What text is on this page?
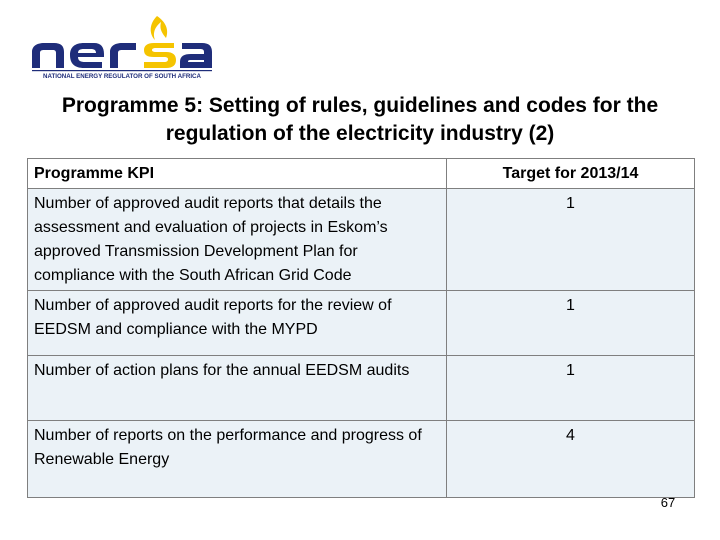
NATIONAL ENERGY REGULATOR OF SOUTH AFRICA
Programme 5: Setting of rules, guidelines and codes for the regulation of the electricity industry (2)
Programme KPI	Target for 2013/14
Number of approved audit reports that details the assessment and evaluation of projects in Eskom’s approved Transmission Development Plan for compliance with the South African Grid Code	1
Number of approved audit reports for the review of EEDSM and compliance with the MYPD	1
Number of action plans for the annual EEDSM audits	1
Number of reports on the performance and progress of Renewable Energy	4
67
